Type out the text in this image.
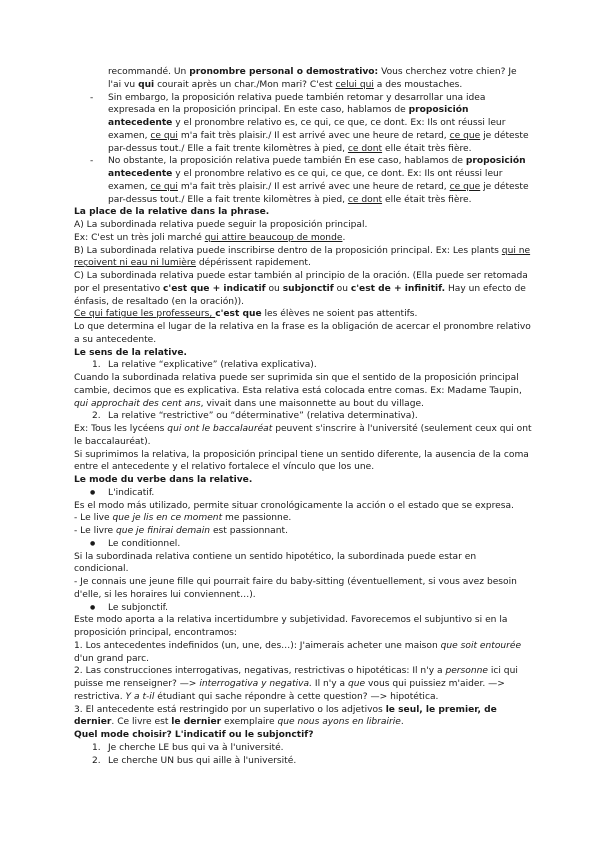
recommandé. Un pronombre personal o demostrativo: Vous cherchez votre chien? Je l'ai vu qui courait après un char./Mon mari? C'est celui qui a des moustaches.

- Sin embargo, la proposición relativa puede también retomar y desarrollar una idea expresada en la proposición principal. En este caso, hablamos de proposición antecedente y el pronombre relativo es, ce qui, ce que, ce dont. Ex: Ils ont réussi leur examen, ce qui m'a fait très plaisir./ Il est arrivé avec une heure de retard, ce que je déteste par-dessus tout./ Elle a fait trente kilomètres à pied, ce dont elle était très fière.

- No obstante, la proposición relativa puede también En ese caso, hablamos de proposición antecedente y el pronombre relativo es ce qui, ce que, ce dont. Ex: Ils ont réussi leur examen, ce qui m'a fait très plaisir./ Il est arrivé avec une heure de retard, ce que je déteste par-dessus tout./ Elle a fait trente kilomètres à pied, ce dont elle était très fière.

La place de la relative dans la phrase.

A) La subordinada relativa puede seguir la proposición principal.

Ex: C'est un très joli marché qui attire beaucoup de monde.

B) La subordinada relativa puede inscribirse dentro de la proposición principal. Ex: Les plants qui ne reçoivent ni eau ni lumière dépérissent rapidement.

C) La subordinada relativa puede estar también al principio de la oración. (Ella puede ser retomada por el presentativo c'est que + indicatif ou subjonctif ou c'est de + infinitif. Hay un efecto de énfasis, de resaltado (en la oración)).

Ce qui fatigue les professeurs, c'est que les élèves ne soient pas attentifs.

Lo que determina el lugar de la relativa en la frase es la obligación de acercar el pronombre relativo a su antecedente.

Le sens de la relative.

1. La relative “explicative” (relativa explicativa).

Cuando la subordinada relativa puede ser suprimida sin que el sentido de la proposición principal cambie, decimos que es explicativa. Esta relativa está colocada entre comas. Ex: Madame Taupin, qui approchait des cent ans, vivait dans une maisonnette au bout du village.

2. La relative “restrictive” ou “déterminative” (relativa determinativa).

Ex: Tous les lycéens qui ont le baccalauréat peuvent s'inscrire à l'université (seulement ceux qui ont le baccalauréat).

Si suprimimos la relativa, la proposición principal tiene un sentido diferente, la ausencia de la coma entre el antecedente y el relativo fortalece el vínculo que los une.

Le mode du verbe dans la relative.

● L'indicatif.

Es el modo más utilizado, permite situar cronológicamente la acción o el estado que se expresa.

- Le live que je lis en ce moment me passionne.

- Le livre que je finirai demain est passionnant.

● Le conditionnel.

Si la subordinada relativa contiene un sentido hipotético, la subordinada puede estar en condicional.

- Je connais une jeune fille qui pourrait faire du baby-sitting (éventuellement, si vous avez besoin d'elle, si les horaires lui conviennent…).

● Le subjonctif.

Este modo aporta a la relativa incertidumbre y subjetividad. Favorecemos el subjuntivo si en la proposición principal, encontramos:

1. Los antecedentes indefinidos (un, une, des…): J'aimerais acheter une maison que soit entourée d'un grand parc.

2. Las construcciones interrogativas, negativas, restrictivas o hipotéticas: Il n'y a personne ici qui puisse me renseigner? —> interrogativa y negativa. Il n'y a que vous qui puissiez m'aider. —> restrictiva. Y a t-il étudiant qui sache répondre à cette question? —> hipotética.

3. El antecedente está restringido por un superlativo o los adjetivos le seul, le premier, de dernier. Ce livre est le dernier exemplaire que nous ayons en librairie.

Quel mode choisir? L'indicatif ou le subjonctif?

1. Je cherche LE bus qui va à l'université.

2. Le cherche UN bus qui aille à l'université.
